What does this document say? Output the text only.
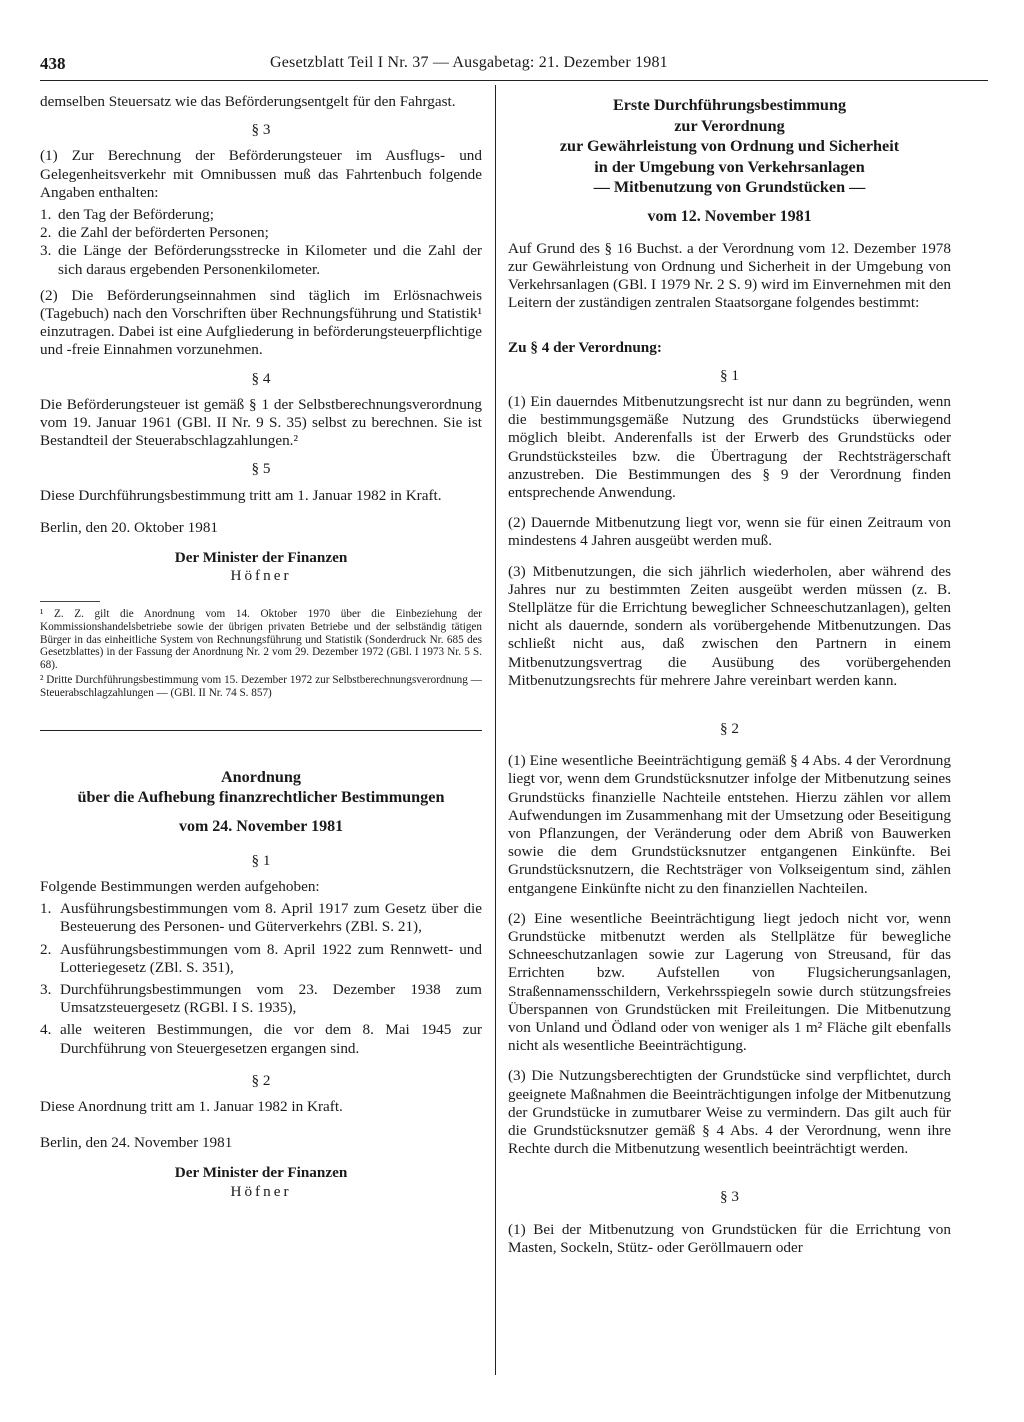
438	Gesetzblatt Teil I Nr. 37 — Ausgabetag: 21. Dezember 1981

demselben Steuersatz wie das Beförderungsentgelt für den Fahrgast.

§ 3

(1) Zur Berechnung der Beförderungsteuer im Ausflugs- und Gelegenheitsverkehr mit Omnibussen muß das Fahrtenbuch folgende Angaben enthalten:

1. den Tag der Beförderung;
2. die Zahl der beförderten Personen;
3. die Länge der Beförderungsstrecke in Kilometer und die Zahl der sich daraus ergebenden Personenkilometer.

(2) Die Beförderungseinnahmen sind täglich im Erlösnachweis (Tagebuch) nach den Vorschriften über Rechnungsführung und Statistik¹ einzutragen. Dabei ist eine Aufgliederung in beförderungsteuerpflichtige und -freie Einnahmen vorzunehmen.

§ 4

Die Beförderungsteuer ist gemäß § 1 der Selbstberechnungsverordnung vom 19. Januar 1961 (GBl. II Nr. 9 S. 35) selbst zu berechnen. Sie ist Bestandteil der Steuerabschlagzahlungen.²

§ 5

Diese Durchführungsbestimmung tritt am 1. Januar 1982 in Kraft.

Berlin, den 20. Oktober 1981

Der Minister der Finanzen
Höfner

¹ Z. Z. gilt die Anordnung vom 14. Oktober 1970 über die Einbeziehung der Kommissionshandelsbetriebe sowie der übrigen privaten Betriebe und der selbständig tätigen Bürger in das einheitliche System von Rechnungsführung und Statistik (Sonderdruck Nr. 685 des Gesetzblattes) in der Fassung der Anordnung Nr. 2 vom 29. Dezember 1972 (GBl. I 1973 Nr. 5 S. 68).

² Dritte Durchführungsbestimmung vom 15. Dezember 1972 zur Selbstberechnungsverordnung — Steuerabschlagzahlungen — (GBl. II Nr. 74 S. 857)

Anordnung
über die Aufhebung finanzrechtlicher Bestimmungen
vom 24. November 1981
§ 1

Folgende Bestimmungen werden aufgehoben:

1. Ausführungsbestimmungen vom 8. April 1917 zum Gesetz über die Besteuerung des Personen- und Güterverkehrs (ZBl. S. 21),
2. Ausführungsbestimmungen vom 8. April 1922 zum Rennwett- und Lotteriegesetz (ZBl. S. 351),
3. Durchführungsbestimmungen vom 23. Dezember 1938 zum Umsatzsteuergesetz (RGBl. I S. 1935),
4. alle weiteren Bestimmungen, die vor dem 8. Mai 1945 zur Durchführung von Steuergesetzen ergangen sind.
§ 2

Diese Anordnung tritt am 1. Januar 1982 in Kraft.

Berlin, den 24. November 1981

Der Minister der Finanzen
Höfner
Erste Durchführungsbestimmung
zur Verordnung
zur Gewährleistung von Ordnung und Sicherheit
in der Umgebung von Verkehrsanlagen
— Mitbenutzung von Grundstücken —
vom 12. November 1981

Auf Grund des § 16 Buchst. a der Verordnung vom 12. Dezember 1978 zur Gewährleistung von Ordnung und Sicherheit in der Umgebung von Verkehrsanlagen (GBl. I 1979 Nr. 2 S. 9) wird im Einvernehmen mit den Leitern der zuständigen zentralen Staatsorgane folgendes bestimmt:

Zu § 4 der Verordnung:

§ 1

(1) Ein dauerndes Mitbenutzungsrecht ist nur dann zu begründen, wenn die bestimmungsgemäße Nutzung des Grundstücks überwiegend möglich bleibt. Anderenfalls ist der Erwerb des Grundstücks oder Grundstücksteiles bzw. die Übertragung der Rechtsträgerschaft anzustreben. Die Bestimmungen des § 9 der Verordnung finden entsprechende Anwendung.

(2) Dauernde Mitbenutzung liegt vor, wenn sie für einen Zeitraum von mindestens 4 Jahren ausgeübt werden muß.

(3) Mitbenutzungen, die sich jährlich wiederholen, aber während des Jahres nur zu bestimmten Zeiten ausgeübt werden müssen (z. B. Stellplätze für die Errichtung beweglicher Schneeschutzanlagen), gelten nicht als dauernde, sondern als vorübergehende Mitbenutzungen. Das schließt nicht aus, daß zwischen den Partnern in einem Mitbenutzungsvertrag die Ausübung des vorübergehenden Mitbenutzungsrechts für mehrere Jahre vereinbart werden kann.

§ 2

(1) Eine wesentliche Beeinträchtigung gemäß § 4 Abs. 4 der Verordnung liegt vor, wenn dem Grundstücksnutzer infolge der Mitbenutzung seines Grundstücks finanzielle Nachteile entstehen. Hierzu zählen vor allem Aufwendungen im Zusammenhang mit der Umsetzung oder Beseitigung von Pflanzungen, der Veränderung oder dem Abriß von Bauwerken sowie die dem Grundstücksnutzer entgangenen Einkünfte. Bei Grundstücksnutzern, die Rechtsträger von Volkseigentum sind, zählen entgangene Einkünfte nicht zu den finanziellen Nachteilen.

(2) Eine wesentliche Beeinträchtigung liegt jedoch nicht vor, wenn Grundstücke mitbenutzt werden als Stellplätze für bewegliche Schneeschutzanlagen sowie zur Lagerung von Streusand, für das Errichten bzw. Aufstellen von Flugsicherungsanlagen, Straßennamensschildern, Verkehrsspiegeln sowie durch stützungsfreies Überspannen von Grundstücken mit Freileitungen. Die Mitbenutzung von Unland und Ödland oder von weniger als 1 m² Fläche gilt ebenfalls nicht als wesentliche Beeinträchtigung.

(3) Die Nutzungsberechtigten der Grundstücke sind verpflichtet, durch geeignete Maßnahmen die Beeinträchtigungen infolge der Mitbenutzung der Grundstücke in zumutbarer Weise zu vermindern. Das gilt auch für die Grundstücksnutzer gemäß § 4 Abs. 4 der Verordnung, wenn ihre Rechte durch die Mitbenutzung wesentlich beeinträchtigt werden.

§ 3

(1) Bei der Mitbenutzung von Grundstücken für die Errichtung von Masten, Sockeln, Stütz- oder Geröllmauern oder
